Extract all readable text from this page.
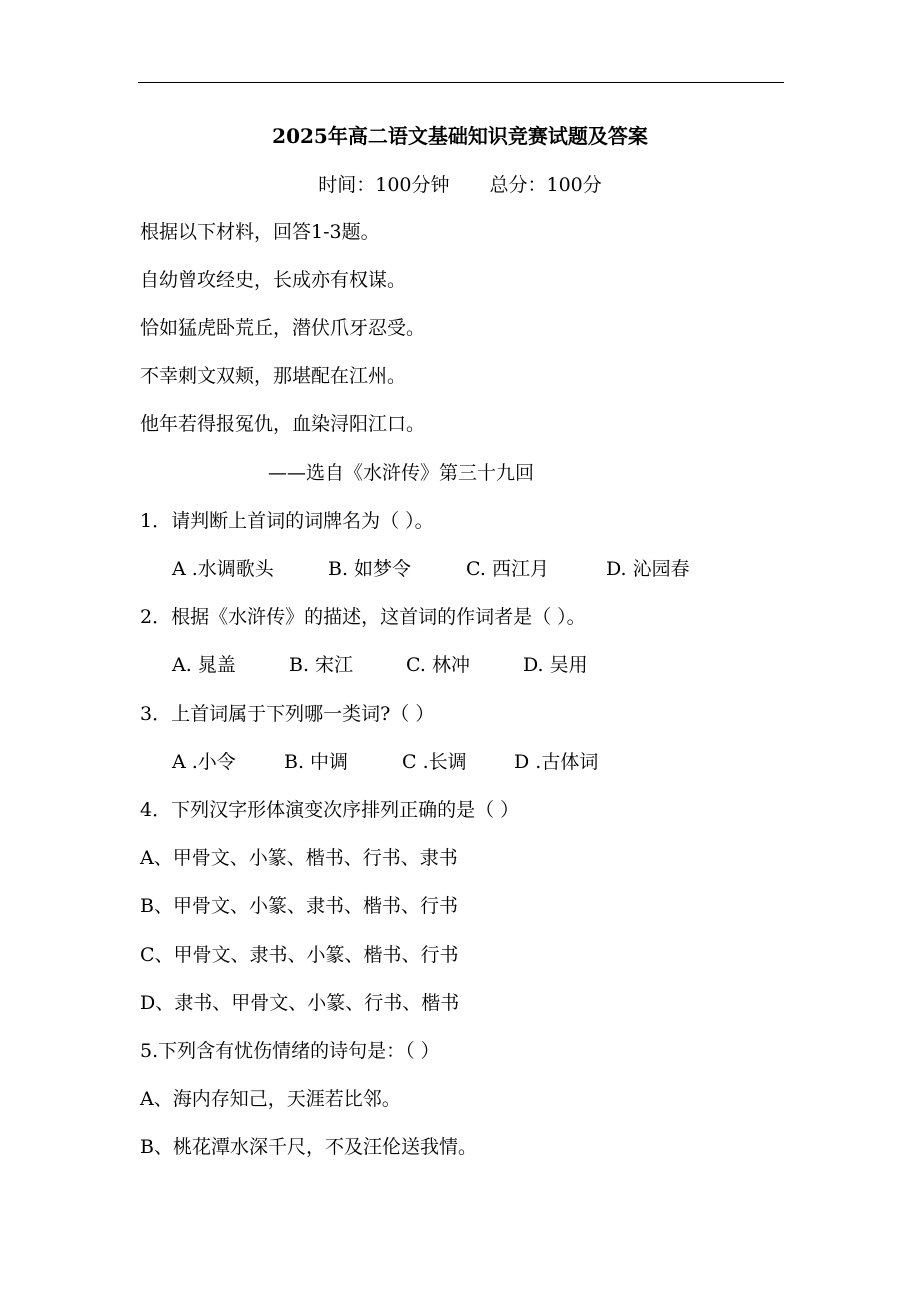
2025年高二语文基础知识竞赛试题及答案
时间：100分钟 总分：100分
根据以下材料，回答1-3题。
自幼曾攻经史，长成亦有权谋。
恰如猛虎卧荒丘，潜伏爪牙忍受。
不幸刺文双颊，那堪配在江州。
他年若得报冤仇，血染浔阳江口。
——选自《水浒传》第三十九回
1．请判断上首词的词牌名为（ ）。
A .水调歌头	B. 如梦令	C. 西江月	D. 沁园春
2．根据《水浒传》的描述，这首词的作词者是（ ）。
A. 晁盖	B. 宋江	C. 林冲	D. 吴用
3．上首词属于下列哪一类词?（ ）
A .小令	B. 中调	C .长调 D .古体词
4．下列汉字形体演变次序排列正确的是（ ）
A、甲骨文、小篆、楷书、行书、隶书
B、甲骨文、小篆、隶书、楷书、行书
C、甲骨文、隶书、小篆、楷书、行书
D、隶书、甲骨文、小篆、行书、楷书
5.下列含有忧伤情绪的诗句是：（ ）
A、海内存知己，天涯若比邻。
B、桃花潭水深千尺，不及汪伦送我情。
